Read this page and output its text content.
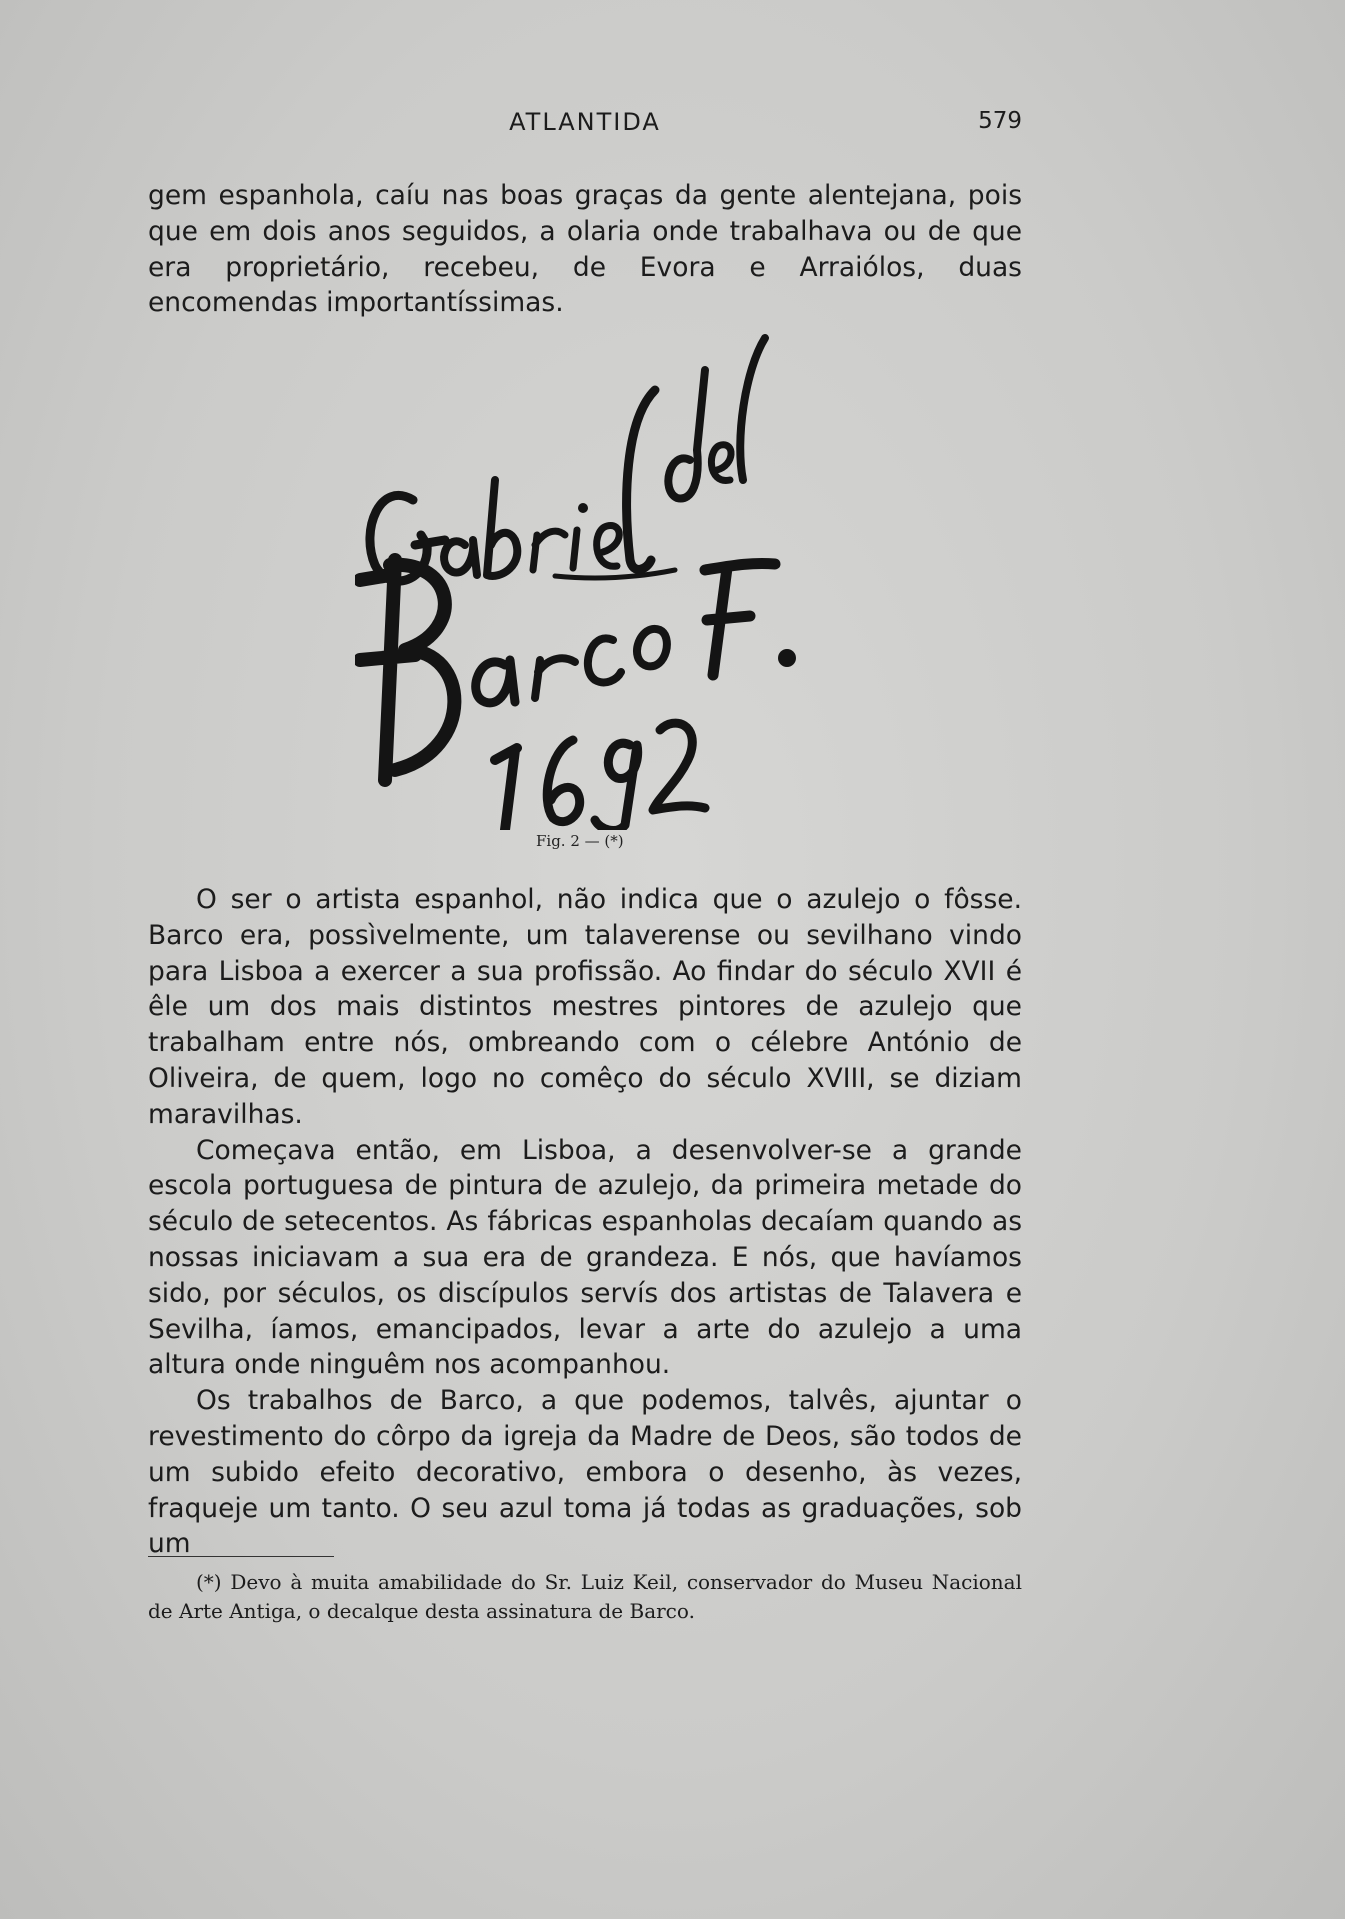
ATLANTIDA	579

gem espanhola, caíu nas boas graças da gente alentejana, pois que em dois anos seguidos, a olaria onde trabalhava ou de que era proprietário, recebeu, de Evora e Arraiólos, duas encomendas importantíssimas.

Fig. 2 — (*)

O ser o artista espanhol, não indica que o azulejo o fôsse. Barco era, possìvelmente, um talaverense ou sevilhano vindo para Lisboa a exercer a sua profissão. Ao findar do século XVII é êle um dos mais distintos mestres pintores de azulejo que trabalham entre nós, ombreando com o célebre António de Oliveira, de quem, logo no comêço do século XVIII, se diziam maravilhas.

Começava então, em Lisboa, a desenvolver-se a grande escola portuguesa de pintura de azulejo, da primeira metade do século de setecentos. As fábricas espanholas decaíam quando as nossas iniciavam a sua era de grandeza. E nós, que havíamos sido, por séculos, os discípulos servís dos artistas de Talavera e Sevilha, íamos, emancipados, levar a arte do azulejo a uma altura onde ninguêm nos acompanhou.

Os trabalhos de Barco, a que podemos, talvês, ajuntar o revestimento do côrpo da igreja da Madre de Deos, são todos de um subido efeito decorativo, embora o desenho, às vezes, fraqueje um tanto. O seu azul toma já todas as graduações, sob um

(*) Devo à muita amabilidade do Sr. Luiz Keil, conservador do Museu Nacional de Arte Antiga, o decalque desta assinatura de Barco.
